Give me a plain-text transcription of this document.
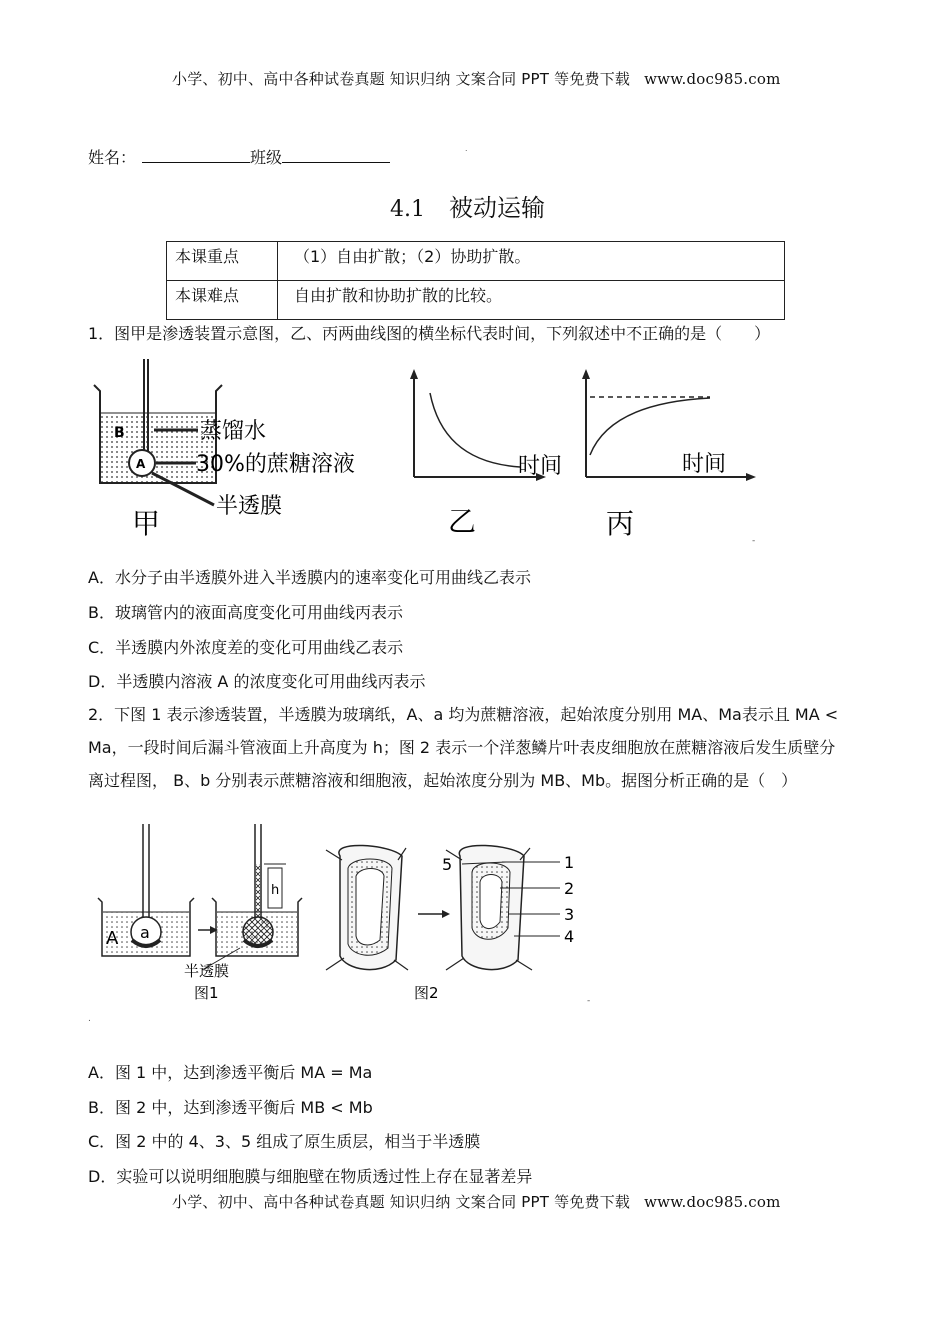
小学、初中、高中各种试卷真题 知识归纳 文案合同 PPT 等免费下载 www.doc985.com
姓名：	班级	˙
4.1 被动运输
本课重点	（1）自由扩散；（2）协助扩散。
本课难点	自由扩散和协助扩散的比较。
1．图甲是渗透装置示意图，乙、丙两曲线图的横坐标代表时间，下列叙述中不正确的是（　　）
B
A
蒸馏水
30%的蔗糖溶液
半透膜
甲
时间
乙
时间
丙
-
A．水分子由半透膜外进入半透膜内的速率变化可用曲线乙表示
B．玻璃管内的液面高度变化可用曲线丙表示
C．半透膜内外浓度差的变化可用曲线乙表示
D．半透膜内溶液 A 的浓度变化可用曲线丙表示
2．下图 1 表示渗透装置，半透膜为玻璃纸，A、a 均为蔗糖溶液，起始浓度分别用 MA、Ma表示且 MA <
Ma，一段时间后漏斗管液面上升高度为 h；图 2 表示一个洋葱鳞片叶表皮细胞放在蔗糖溶液后发生质壁分
离过程图， B、b 分别表示蔗糖溶液和细胞液，起始浓度分别为 MB、Mb。据图分析正确的是（　）
A a
h
半透膜
图1
5	1
2
3
4
图2	-
.
A．图 1 中，达到渗透平衡后 MA = Ma
B．图 2 中，达到渗透平衡后 MB < Mb
C．图 2 中的 4、3、5 组成了原生质层，相当于半透膜
D．实验可以说明细胞膜与细胞壁在物质透过性上存在显著差异
小学、初中、高中各种试卷真题 知识归纳 文案合同 PPT 等免费下载 www.doc985.com
